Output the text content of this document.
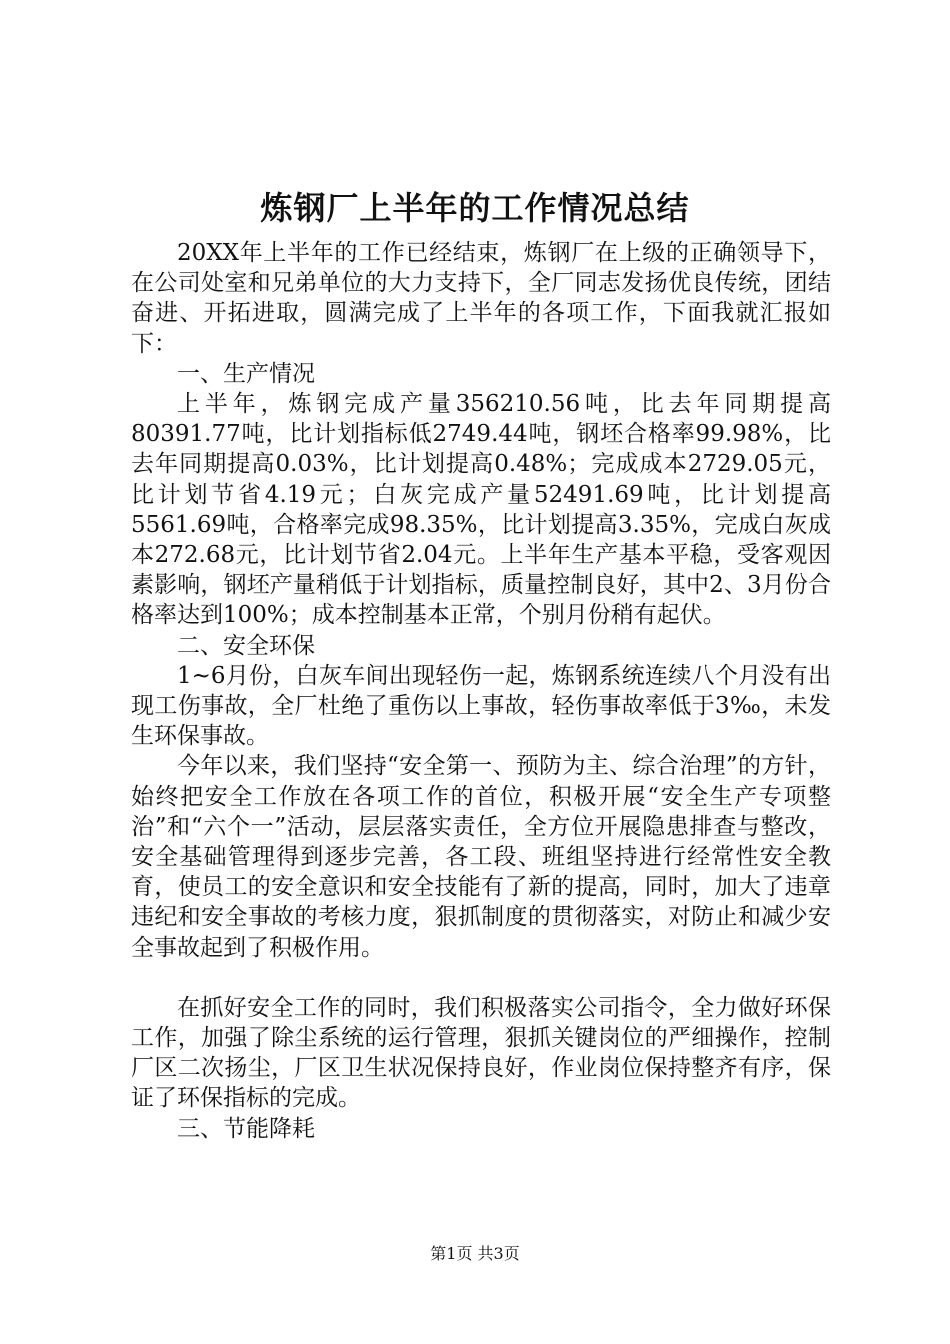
炼钢厂上半年的工作情况总结

20XX年上半年的工作已经结束，炼钢厂在上级的正确领导下，在公司处室和兄弟单位的大力支持下，全厂同志发扬优良传统，团结奋进、开拓进取，圆满完成了上半年的各项工作，下面我就汇报如下：

一、生产情况

上半年，炼钢完成产量356210.56吨，比去年同期提高80391.77吨，比计划指标低2749.44吨，钢坯合格率99.98%，比去年同期提高0.03%，比计划提高0.48%；完成成本2729.05元，比计划节省4.19元；白灰完成产量52491.69吨，比计划提高5561.69吨，合格率完成98.35%，比计划提高3.35%，完成白灰成本272.68元，比计划节省2.04元。上半年生产基本平稳，受客观因素影响，钢坯产量稍低于计划指标，质量控制良好，其中2、3月份合格率达到100%；成本控制基本正常，个别月份稍有起伏。

二、安全环保

1~6月份，白灰车间出现轻伤一起，炼钢系统连续八个月没有出现工伤事故，全厂杜绝了重伤以上事故，轻伤事故率低于3‰，未发生环保事故。

今年以来，我们坚持“安全第一、预防为主、综合治理”的方针，始终把安全工作放在各项工作的首位，积极开展“安全生产专项整治”和“六个一”活动，层层落实责任，全方位开展隐患排查与整改，安全基础管理得到逐步完善，各工段、班组坚持进行经常性安全教育，使员工的安全意识和安全技能有了新的提高，同时，加大了违章违纪和安全事故的考核力度，狠抓制度的贯彻落实，对防止和减少安全事故起到了积极作用。

在抓好安全工作的同时，我们积极落实公司指令，全力做好环保工作，加强了除尘系统的运行管理，狠抓关键岗位的严细操作，控制厂区二次扬尘，厂区卫生状况保持良好，作业岗位保持整齐有序，保证了环保指标的完成。

三、节能降耗

第1页 共3页
